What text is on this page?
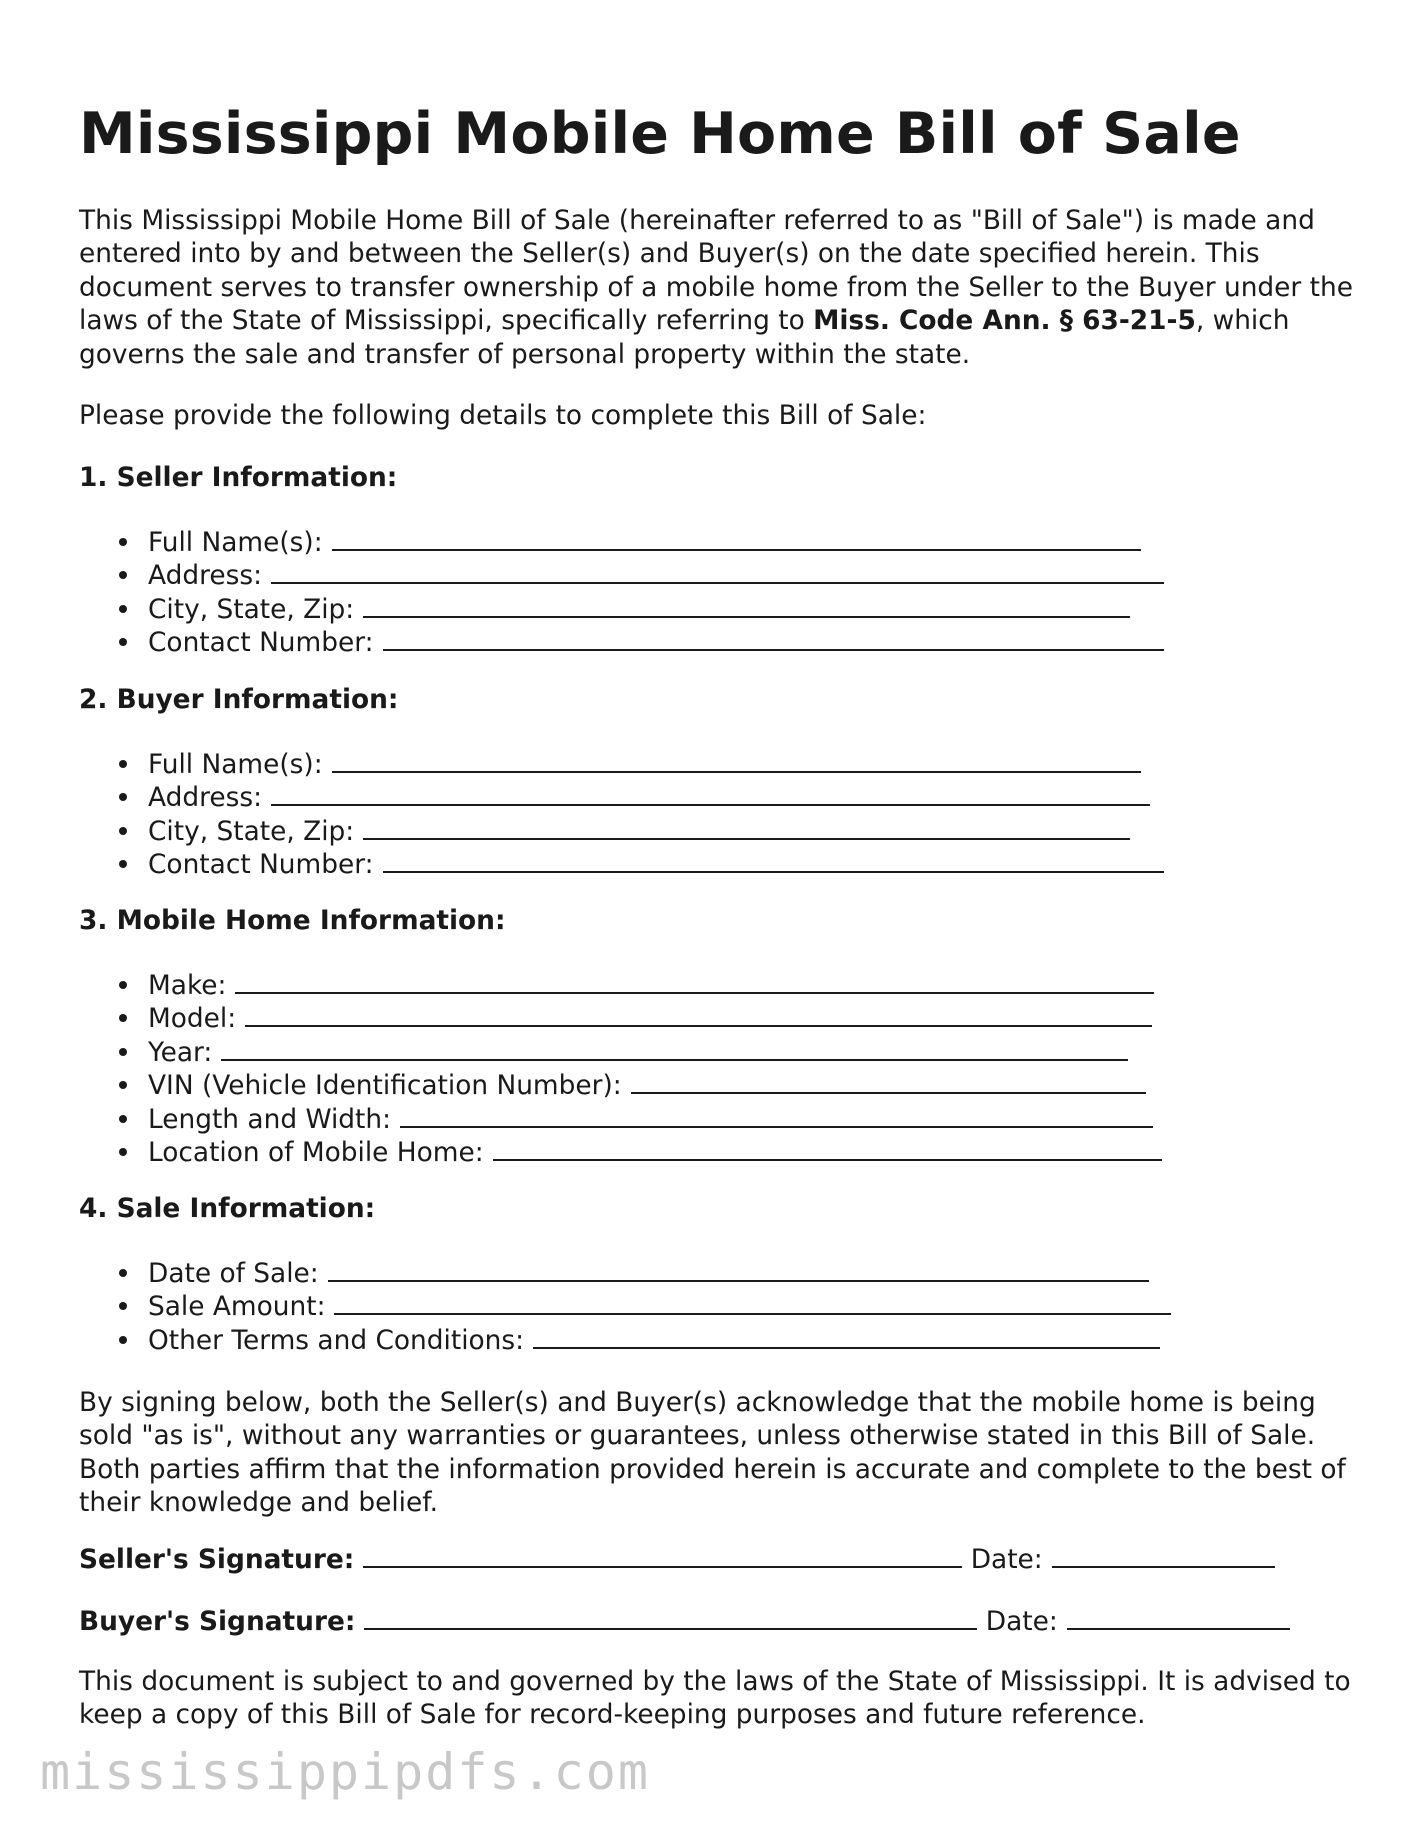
Mississippi Mobile Home Bill of Sale

This Mississippi Mobile Home Bill of Sale (hereinafter referred to as "Bill of Sale") is made and entered into by and between the Seller(s) and Buyer(s) on the date specified herein. This document serves to transfer ownership of a mobile home from the Seller to the Buyer under the laws of the State of Mississippi, specifically referring to Miss. Code Ann. § 63-21-5, which governs the sale and transfer of personal property within the state.

Please provide the following details to complete this Bill of Sale:

1. Seller Information:
Full Name(s):
Address:
City, State, Zip:
Contact Number:
2. Buyer Information:
Full Name(s):
Address:
City, State, Zip:
Contact Number:
3. Mobile Home Information:
Make:
Model:
Year:
VIN (Vehicle Identification Number):
Length and Width:
Location of Mobile Home:
4. Sale Information:
Date of Sale:
Sale Amount:
Other Terms and Conditions:

By signing below, both the Seller(s) and Buyer(s) acknowledge that the mobile home is being sold "as is", without any warranties or guarantees, unless otherwise stated in this Bill of Sale. Both parties affirm that the information provided herein is accurate and complete to the best of their knowledge and belief.

Seller's Signature:	Date:
Buyer's Signature:	Date:

This document is subject to and governed by the laws of the State of Mississippi. It is advised to keep a copy of this Bill of Sale for record-keeping purposes and future reference.

mississippipdfs.com
